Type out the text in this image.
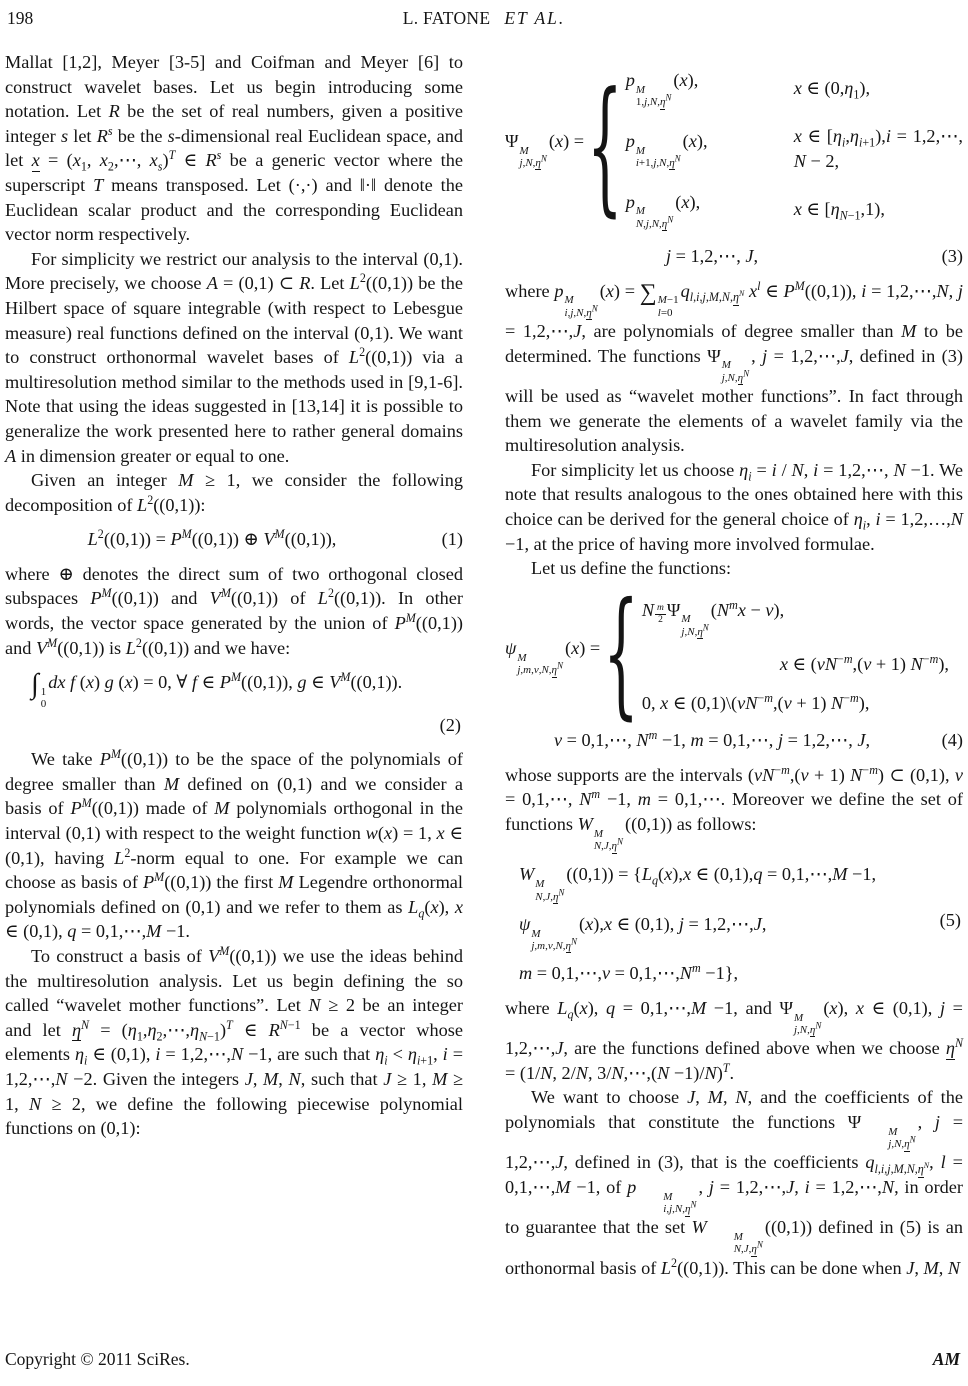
198	L. FATONE ET AL.

Mallat [1,2], Meyer [3-5] and Coifman and Meyer [6] to construct wavelet bases. Let us begin introducing some notation. Let R be the set of real numbers, given a positive integer s let $R^s$ be the s-dimensional real Euclidean space, and let $x = (x_1$, $x_2,\cdots$, $x_s)^T$ ∈ $R^s$ be a generic vector where the superscript T means transposed. Let (·,·) and ‖·‖ denote the Euclidean scalar product and the corresponding Euclidean vector norm respectively.

For simplicity we restrict our analysis to the interval (0,1). More precisely, we choose A = (0,1) ⊂ R. Let $L^2((0,1))$ be the Hilbert space of square integrable (with respect to Lebesgue measure) real functions defined on the interval (0,1). We want to construct orthonormal wavelet bases of $L^2((0,1))$ via a multiresolution method similar to the methods used in [9,1-6]. Note that using the ideas suggested in [13,14] it is possible to generalize the work presented here to rather general domains A in dimension greater or equal to one.

Given an integer M ≥ 1, we consider the following decomposition of $L^2((0,1))$:

$L^2((0,1)) = P^M((0,1))$ ⊕ $V^M((0,1))$,	(1)

where ⊕ denotes the direct sum of two orthogonal closed subspaces $P^M((0,1))$ and $V^M((0,1))$ of $L^2((0,1))$. In other words, the vector space generated by the union of $P^M((0,1))$ and $V^M((0,1))$ is $L^2((0,1))$ and we have:

∫ 1
0
dx f (x) g (x) = 0, ∀ f ∈ $P^M((0,1))$, g ∈ $V^M((0,1))$.
(2)

We take $P^M((0,1))$ to be the space of the polynomials of degree smaller than M defined on (0,1) and we consider a basis of $P^M((0,1))$ made of M polynomials orthogonal in the interval (0,1) with respect to the weight function w(x) = 1, x ∈ (0,1), having $L^2$-norm equal to one. For example we can choose as basis of $P^M((0,1))$ the first M Legendre orthonormal polynomials defined on (0,1) and we refer to them as $L_q(x)$, x ∈ (0,1), q = 0,1,⋯,M −1.

To construct a basis of $V^M((0,1))$ we use the ideas behind the multiresolution analysis. Let us begin defining the so called “wavelet mother functions”. Let N ≥ 2 be an integer and let $\eta^N$ = $(\eta_1,\eta_2,\cdots,\eta_{N-1})^T$ ∈ $R^{N-1}$ be a vector whose elements $\eta_i$ ∈ (0,1), i = 1,2,⋯,N −1, are such that $\eta_i < \eta_{i+1}$, i = 1,2,⋯,N −2. Given the integers J, M, N, such that J ≥ 1, M ≥ 1, N ≥ 2, we define the following piecewise polynomial functions on (0,1):

Ψ M
$j,N,\eta^N$
(x) = { p M
$1,j,N,\eta^N$
(x),	x ∈ $(0,\eta_1)$,
p M
$i+1,j,N,\eta^N$
(x),	x ∈ $[\eta_i,\eta_{i+1}),i$ = 1,2,⋯, N − 2,
p M
$N,j,N,\eta^N$
(x),	x ∈ $[\eta_{N-1},1)$,
j = 1,2,⋯, J,	(3)

where p M
$i,j,N,\eta^N$
(x) = ∑ M−1
l=0
$q_{l,i,j,M,N,\eta^N}$ $x^l$ ∈ $P^M((0,1))$, i = 1,2,⋯,N, j = 1,2,⋯,J, are polynomials of degree smaller than M to be determined. The functions Ψ M
$j,N,\eta^N$
, j = 1,2,⋯,J, defined in (3) will be used as “wavelet mother functions”. In fact through them we generate the elements of a wavelet family via the multiresolution analysis.

For simplicity let us choose $\eta_i = i / N$, i = 1,2,⋯, N −1. We note that results analogous to the ones obtained here with this choice can be derived for the general choice of $\eta_i$, i = 1,2,…,N −1, at the price of having more involved formulae.

Let us define the functions:

ψ M
$j,m,\nu,N,\eta^N$
(x) = { N $\frac{m}{2}$ Ψ M
$j,N,\eta^N$
$(N^mx - \nu)$,
x ∈ ($\nu N^{-m},(\nu + 1)$ $N^{-m}$),
0, x ∈ $(0,1)\backslash(\nu N^{-m},(\nu + 1)$ $N^{-m}$),
ν = 0,1,⋯, $N^m -1$, m = 0,1,⋯, j = 1,2,⋯, J,	(4)

whose supports are the intervals ($\nu N^{-m},(\nu + 1)$ $N^{-m}$) ⊂ (0,1), ν = 0,1,⋯, $N^m -1$, m = 0,1,⋯. Moreover we define the set of functions W M
$N,J,\eta^N$
((0,1)) as follows:

W M
$N,J,\eta^N$
$((0,1)) = \{L_q(x),x$ ∈ (0,1),q = 0,1,⋯,M −1,
ψ M
$j,m,\nu,N,\eta^N$
(x),x ∈ (0,1), j = 1,2,⋯,J,
m = 0,1,⋯,ν = $0,1,\cdots,N^m -1$},
(5)

where $L_q(x)$, q = 0,1,⋯,M −1, and Ψ M
$j,N,\eta^N$
(x), x ∈ (0,1), j = 1,2,⋯,J, are the functions defined above when we choose $\eta^N = (1/N$, 2/N, 3/N,⋯,(N −1)/N)$^T$.

We want to choose J, M, N, and the coefficients of the polynomials that constitute the functions Ψ	M
$j,N,\eta^N$
, j = 1,2,⋯,J, defined in (3), that is the coefficients $q_{l,i,j,M,N,\eta^N}$, l = 0,1,⋯,M −1, of p	M
$i,j,N,\eta^N$
, j = 1,2,⋯,J, i = 1,2,⋯,N, in order to guarantee that the set W	M
$N,J,\eta^N$
((0,1)) defined in (5) is an orthonormal basis of $L^2((0,1))$. This can be done when J, M, N

Copyright © 2011 SciRes.	AM
